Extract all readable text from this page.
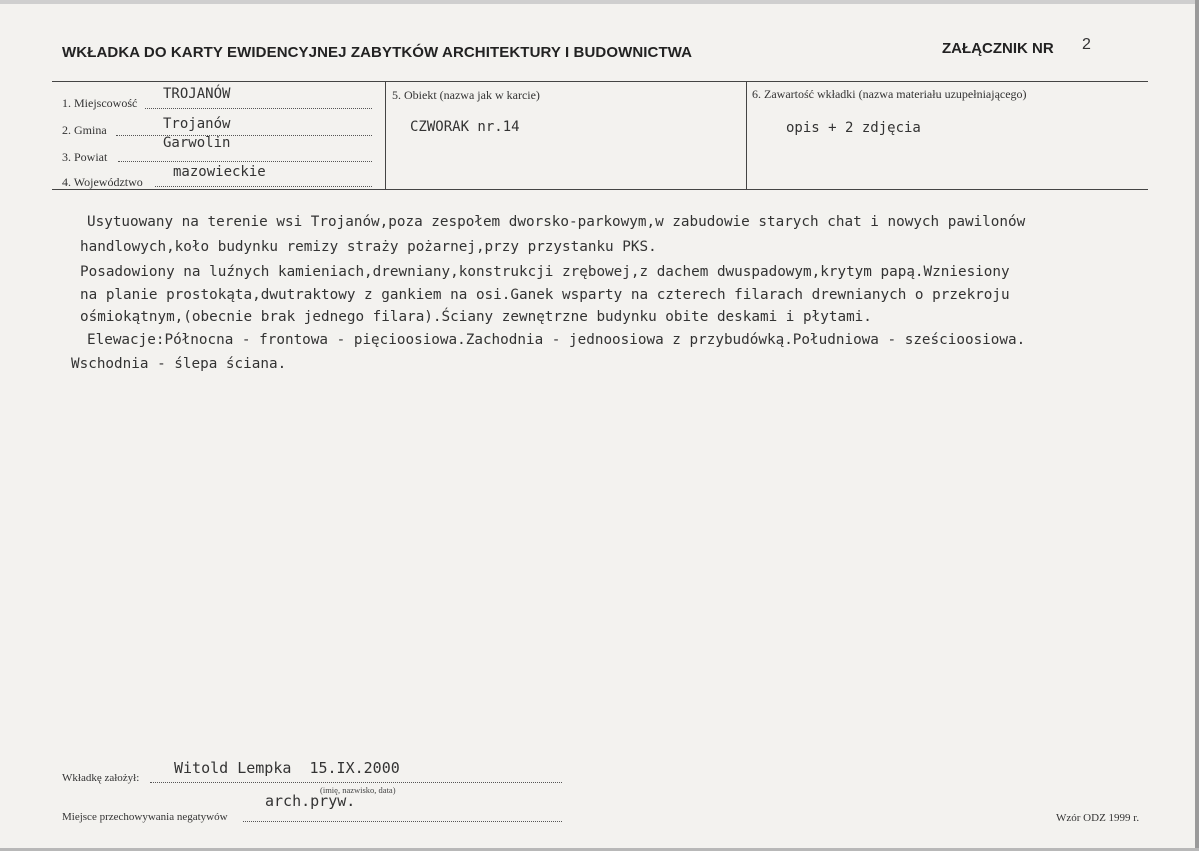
WKŁADKA DO KARTY EWIDENCYJNEJ ZABYTKÓW ARCHITEKTURY I BUDOWNICTWA	ZAŁĄCZNIK NR 2
1. Miejscowość
TROJANÓW
2. Gmina	Trojanów
3. Powiat
Garwolin
4. Województwo
mazowieckie
5. Obiekt (nazwa jak w karcie)
CZWORAK nr.14
6. Zawartość wkładki (nazwa materiału uzupełniającego)
opis + 2 zdjęcia
Usytuowany na terenie wsi Trojanów,poza zespołem dworsko-parkowym,w zabudowie starych chat i nowych pawilonów
handlowych,koło budynku remizy straży pożarnej,przy przystanku PKS.
Posadowiony na luźnych kamieniach,drewniany,konstrukcji zrębowej,z dachem dwuspadowym,krytym papą.Wzniesiony
na planie prostokąta,dwutraktowy z gankiem na osi.Ganek wsparty na czterech filarach drewnianych o przekroju
ośmiokątnym,(obecnie brak jednego filara).Ściany zewnętrzne budynku obite deskami i płytami.
Elewacje:Północna - frontowa - pięcioosiowa.Zachodnia - jednoosiowa z przybudówką.Południowa - sześcioosiowa.
Wschodnia - ślepa ściana.
Wkładkę założył:
Witold Lempka  15.IX.2000
(imię, nazwisko, data)
Miejsce przechowywania negatywów
arch.pryw.
Wzór ODZ 1999 r.
